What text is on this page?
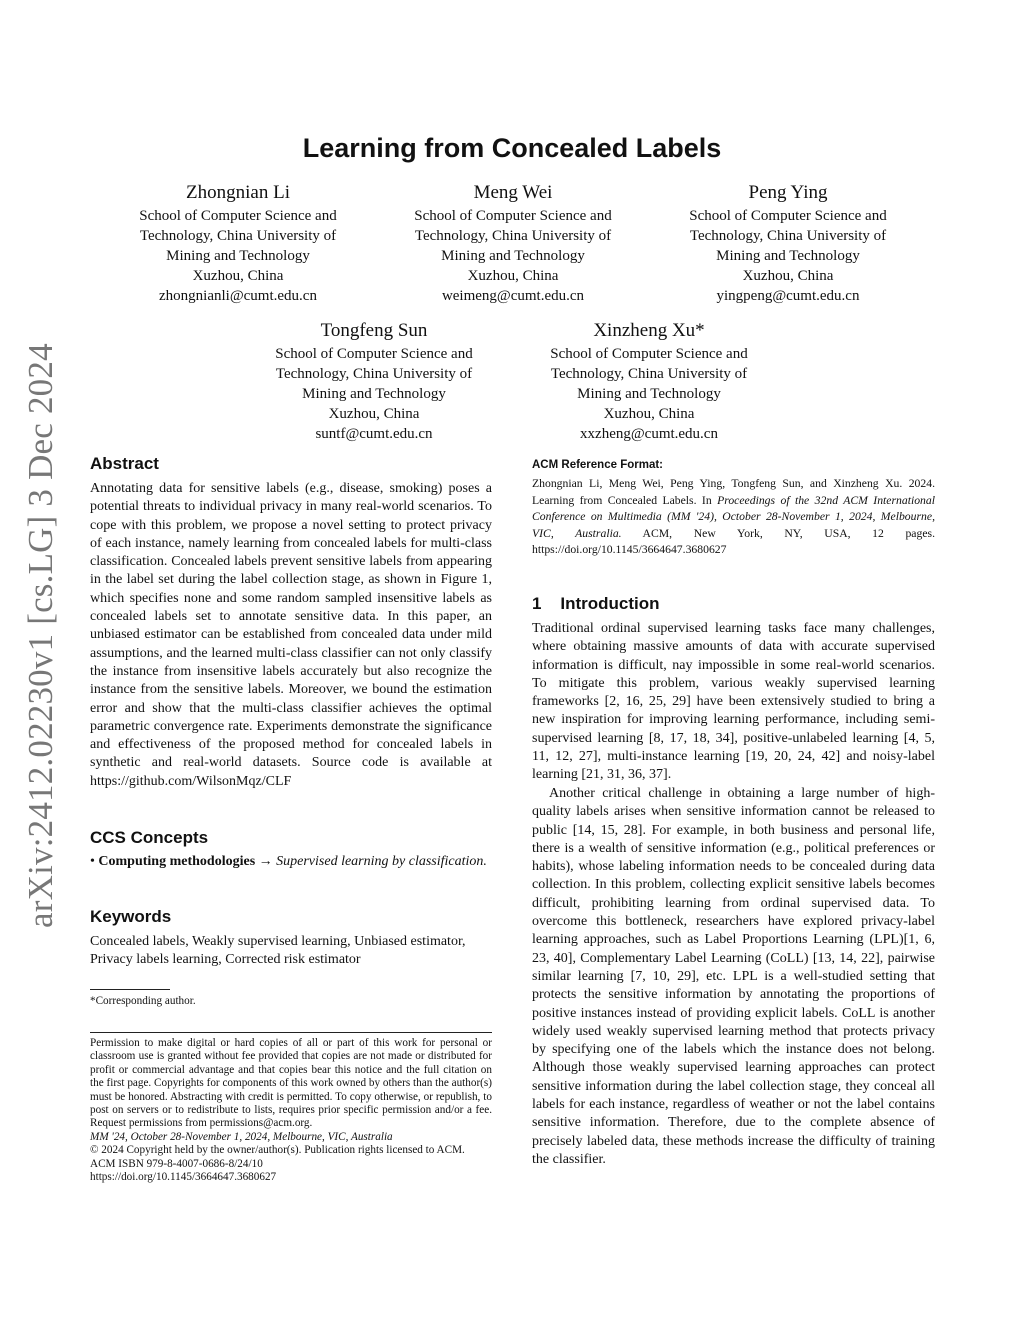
arXiv:2412.02230v1 [cs.LG] 3 Dec 2024
Learning from Concealed Labels
Zhongnian Li
School of Computer Science and
Technology, China University of
Mining and Technology
Xuzhou, China
zhongnianli@cumt.edu.cn
Meng Wei
School of Computer Science and
Technology, China University of
Mining and Technology
Xuzhou, China
weimeng@cumt.edu.cn
Peng Ying
School of Computer Science and
Technology, China University of
Mining and Technology
Xuzhou, China
yingpeng@cumt.edu.cn
Tongfeng Sun
School of Computer Science and
Technology, China University of
Mining and Technology
Xuzhou, China
suntf@cumt.edu.cn
Xinzheng Xu*
School of Computer Science and
Technology, China University of
Mining and Technology
Xuzhou, China
xxzheng@cumt.edu.cn
Abstract

Annotating data for sensitive labels (e.g., disease, smoking) poses a potential threats to individual privacy in many real-world scenarios. To cope with this problem, we propose a novel setting to protect privacy of each instance, namely learning from concealed labels for multi-class classification. Concealed labels prevent sensitive labels from appearing in the label set during the label collection stage, as shown in Figure 1, which specifies none and some random sampled insensitive labels as concealed labels set to annotate sensitive data. In this paper, an unbiased estimator can be established from concealed data under mild assumptions, and the learned multi-class classifier can not only classify the instance from insensitive labels accurately but also recognize the instance from the sensitive labels. Moreover, we bound the estimation error and show that the multi-class classifier achieves the optimal parametric convergence rate. Experiments demonstrate the significance and effectiveness of the proposed method for concealed labels in synthetic and real-world datasets. Source code is available at https://github.com/WilsonMqz/CLF

CCS Concepts

• Computing methodologies → Supervised learning by classification.

Keywords

Concealed labels, Weakly supervised learning, Unbiased estimator, Privacy labels learning, Corrected risk estimator

*Corresponding author.

Permission to make digital or hard copies of all or part of this work for personal or classroom use is granted without fee provided that copies are not made or distributed for profit or commercial advantage and that copies bear this notice and the full citation on the first page. Copyrights for components of this work owned by others than the author(s) must be honored. Abstracting with credit is permitted. To copy otherwise, or republish, to post on servers or to redistribute to lists, requires prior specific permission and/or a fee. Request permissions from permissions@acm.org.

MM '24, October 28-November 1, 2024, Melbourne, VIC, Australia

© 2024 Copyright held by the owner/author(s). Publication rights licensed to ACM.

ACM ISBN 979-8-4007-0686-8/24/10

https://doi.org/10.1145/3664647.3680627

ACM Reference Format:

Zhongnian Li, Meng Wei, Peng Ying, Tongfeng Sun, and Xinzheng Xu. 2024. Learning from Concealed Labels. In Proceedings of the 32nd ACM International Conference on Multimedia (MM '24), October 28-November 1, 2024, Melbourne, VIC, Australia. ACM, New York, NY, USA, 12 pages. https://doi.org/10.1145/3664647.3680627

1    Introduction

Traditional ordinal supervised learning tasks face many challenges, where obtaining massive amounts of data with accurate supervised information is difficult, nay impossible in some real-world scenarios. To mitigate this problem, various weakly supervised learning frameworks [2, 16, 25, 29] have been extensively studied to bring a new inspiration for improving learning performance, including semi-supervised learning [8, 17, 18, 34], positive-unlabeled learning [4, 5, 11, 12, 27], multi-instance learning [19, 20, 24, 42] and noisy-label learning [21, 31, 36, 37].

Another critical challenge in obtaining a large number of high-quality labels arises when sensitive information cannot be released to public [14, 15, 28]. For example, in both business and personal life, there is a wealth of sensitive information (e.g., political preferences or habits), whose labeling information needs to be concealed during data collection. In this problem, collecting explicit sensitive labels becomes difficult, prohibiting learning from ordinal supervised data. To overcome this bottleneck, researchers have explored privacy-label learning approaches, such as Label Proportions Learning (LPL)[1, 6, 23, 40], Complementary Label Learning (CoLL) [13, 14, 22], pairwise similar learning [7, 10, 29], etc. LPL is a well-studied setting that protects the sensitive information by annotating the proportions of positive instances instead of providing explicit labels. CoLL is another widely used weakly supervised learning method that protects privacy by specifying one of the labels which the instance does not belong. Although those weakly supervised learning approaches can protect sensitive information during the label collection stage, they conceal all labels for each instance, regardless of weather or not the label contains sensitive information. Therefore, due to the complete absence of precisely labeled data, these methods increase the difficulty of training the classifier.
